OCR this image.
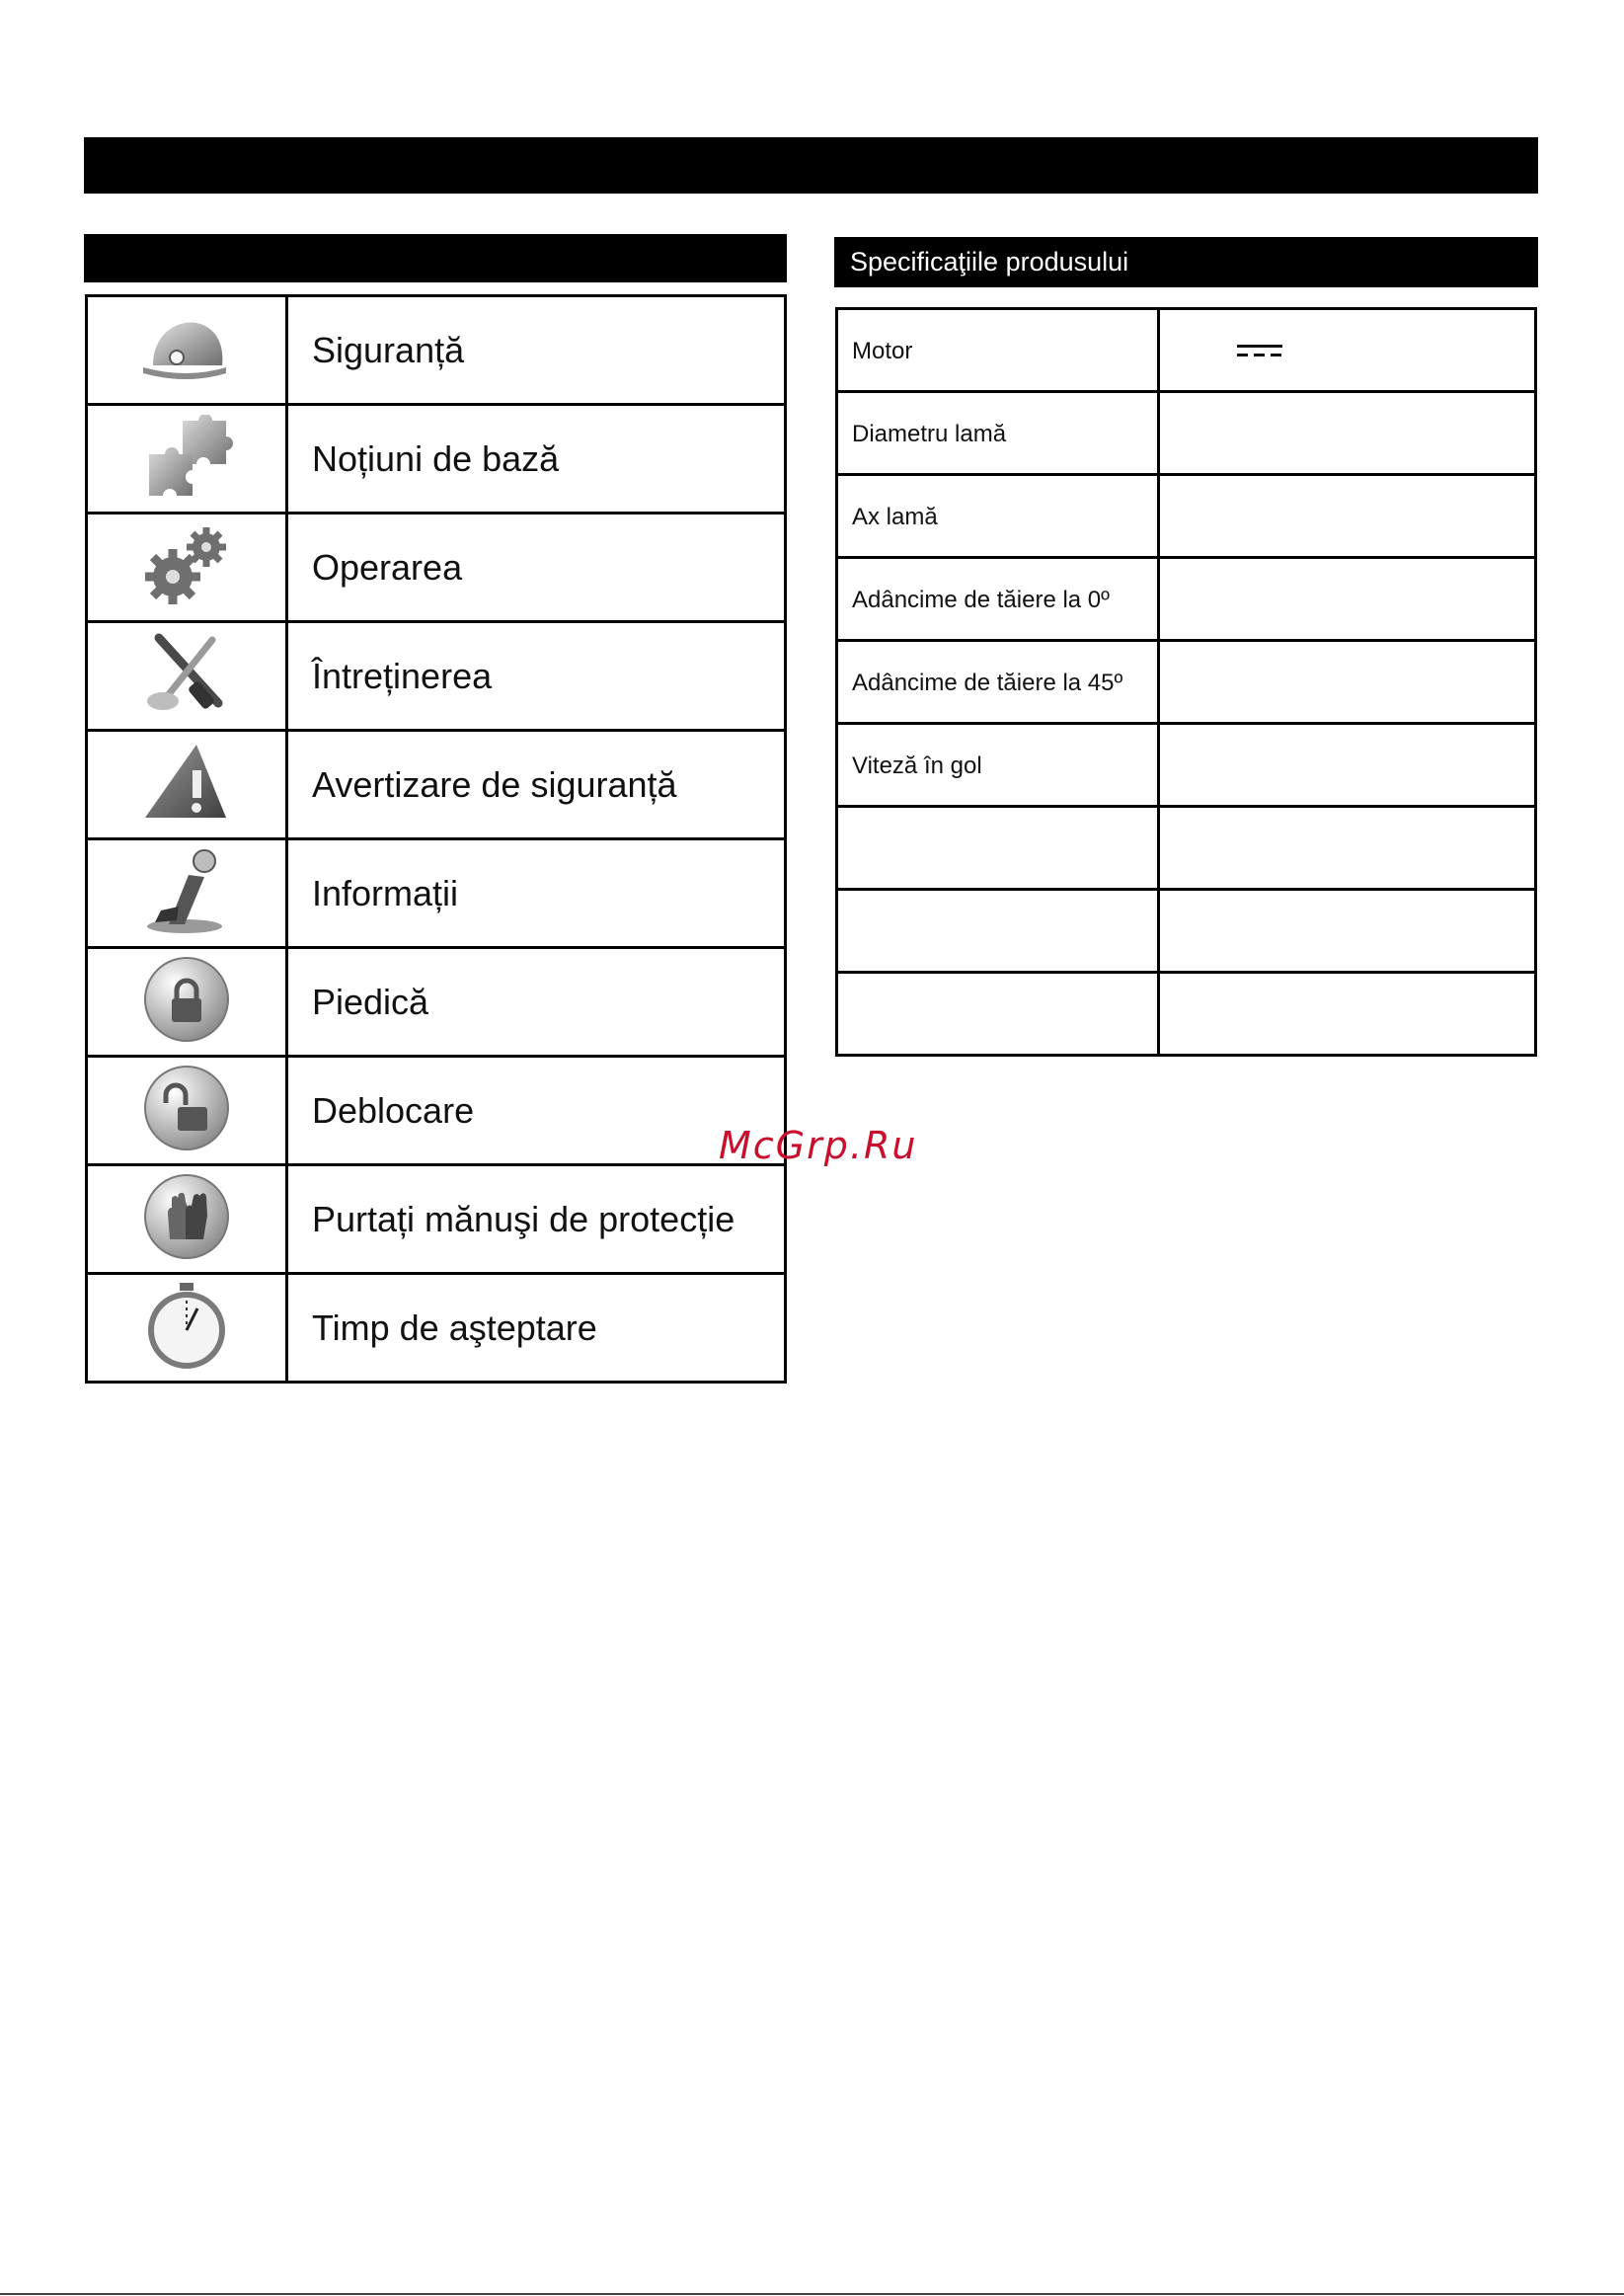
Specificaţiile produsului
	Siguranță
	Noțiuni de bază
	Operarea
	Întreținerea
	Avertizare de siguranță
	Informații
	Piedică
	Deblocare
	Purtați mănuşi de protecție
	Timp de aşteptare
Motor	
Diametru lamă	
Ax lamă	
Adâncime de tăiere la 0º	
Adâncime de tăiere la 45º	
Viteză în gol	

McGrp.Ru
